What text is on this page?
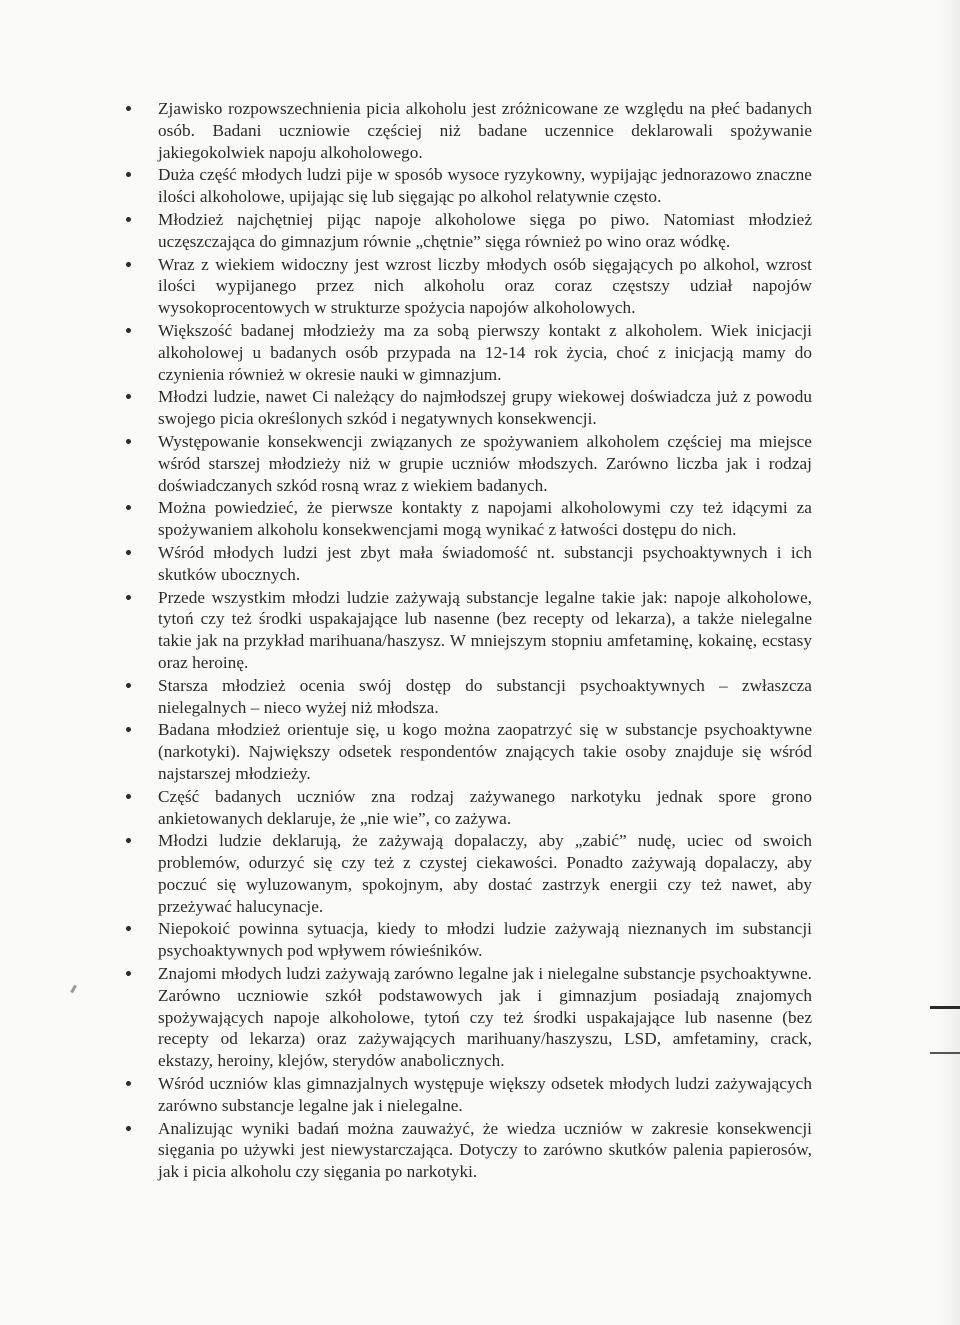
Zjawisko rozpowszechnienia picia alkoholu jest zróżnicowane ze względu na płeć badanych osób. Badani uczniowie częściej niż badane uczennice deklarowali spożywanie jakiegokolwiek napoju alkoholowego.
Duża część młodych ludzi pije w sposób wysoce ryzykowny, wypijając jednorazowo znaczne ilości alkoholowe, upijając się lub sięgając po alkohol relatywnie często.
Młodzież najchętniej pijąc napoje alkoholowe sięga po piwo. Natomiast młodzież uczęszczająca do gimnazjum równie „chętnie” sięga również po wino oraz wódkę.
Wraz z wiekiem widoczny jest wzrost liczby młodych osób sięgających po alkohol, wzrost ilości wypijanego przez nich alkoholu oraz coraz częstszy udział napojów wysokoprocentowych w strukturze spożycia napojów alkoholowych.
Większość badanej młodzieży ma za sobą pierwszy kontakt z alkoholem. Wiek inicjacji alkoholowej u badanych osób przypada na 12-14 rok życia, choć z inicjacją mamy do czynienia również w okresie nauki w gimnazjum.
Młodzi ludzie, nawet Ci należący do najmłodszej grupy wiekowej doświadcza już z powodu swojego picia określonych szkód i negatywnych konsekwencji.
Występowanie konsekwencji związanych ze spożywaniem alkoholem częściej ma miejsce wśród starszej młodzieży niż w grupie uczniów młodszych. Zarówno liczba jak i rodzaj doświadczanych szkód rosną wraz z wiekiem badanych.
Można powiedzieć, że pierwsze kontakty z napojami alkoholowymi czy też idącymi za spożywaniem alkoholu konsekwencjami mogą wynikać z łatwości dostępu do nich.
Wśród młodych ludzi jest zbyt mała świadomość nt. substancji psychoaktywnych i ich skutków ubocznych.
Przede wszystkim młodzi ludzie zażywają substancje legalne takie jak: napoje alkoholowe, tytoń czy też środki uspakajające lub nasenne (bez recepty od lekarza), a także nielegalne takie jak na przykład marihuana/haszysz. W mniejszym stopniu amfetaminę, kokainę, ecstasy oraz heroinę.
Starsza młodzież ocenia swój dostęp do substancji psychoaktywnych – zwłaszcza nielegalnych – nieco wyżej niż młodsza.
Badana młodzież orientuje się, u kogo można zaopatrzyć się w substancje psychoaktywne (narkotyki). Największy odsetek respondentów znających takie osoby znajduje się wśród najstarszej młodzieży.
Część badanych uczniów zna rodzaj zażywanego narkotyku jednak spore grono ankietowanych deklaruje, że „nie wie”, co zażywa.
Młodzi ludzie deklarują, że zażywają dopalaczy, aby „zabić” nudę, uciec od swoich problemów, odurzyć się czy też z czystej ciekawości. Ponadto zażywają dopalaczy, aby poczuć się wyluzowanym, spokojnym, aby dostać zastrzyk energii czy też nawet, aby przeżywać halucynacje.
Niepokoić powinna sytuacja, kiedy to młodzi ludzie zażywają nieznanych im substancji psychoaktywnych pod wpływem rówieśników.
Znajomi młodych ludzi zażywają zarówno legalne jak i nielegalne substancje psychoaktywne. Zarówno uczniowie szkół podstawowych jak i gimnazjum posiadają znajomych spożywających napoje alkoholowe, tytoń czy też środki uspakajające lub nasenne (bez recepty od lekarza) oraz zażywających marihuany/haszyszu, LSD, amfetaminy, crack, ekstazy, heroiny, klejów, sterydów anabolicznych.
Wśród uczniów klas gimnazjalnych występuje większy odsetek młodych ludzi zażywających zarówno substancje legalne jak i nielegalne.
Analizując wyniki badań można zauważyć, że wiedza uczniów w zakresie konsekwencji sięgania po używki jest niewystarczająca. Dotyczy to zarówno skutków palenia papierosów, jak i picia alkoholu czy sięgania po narkotyki.
